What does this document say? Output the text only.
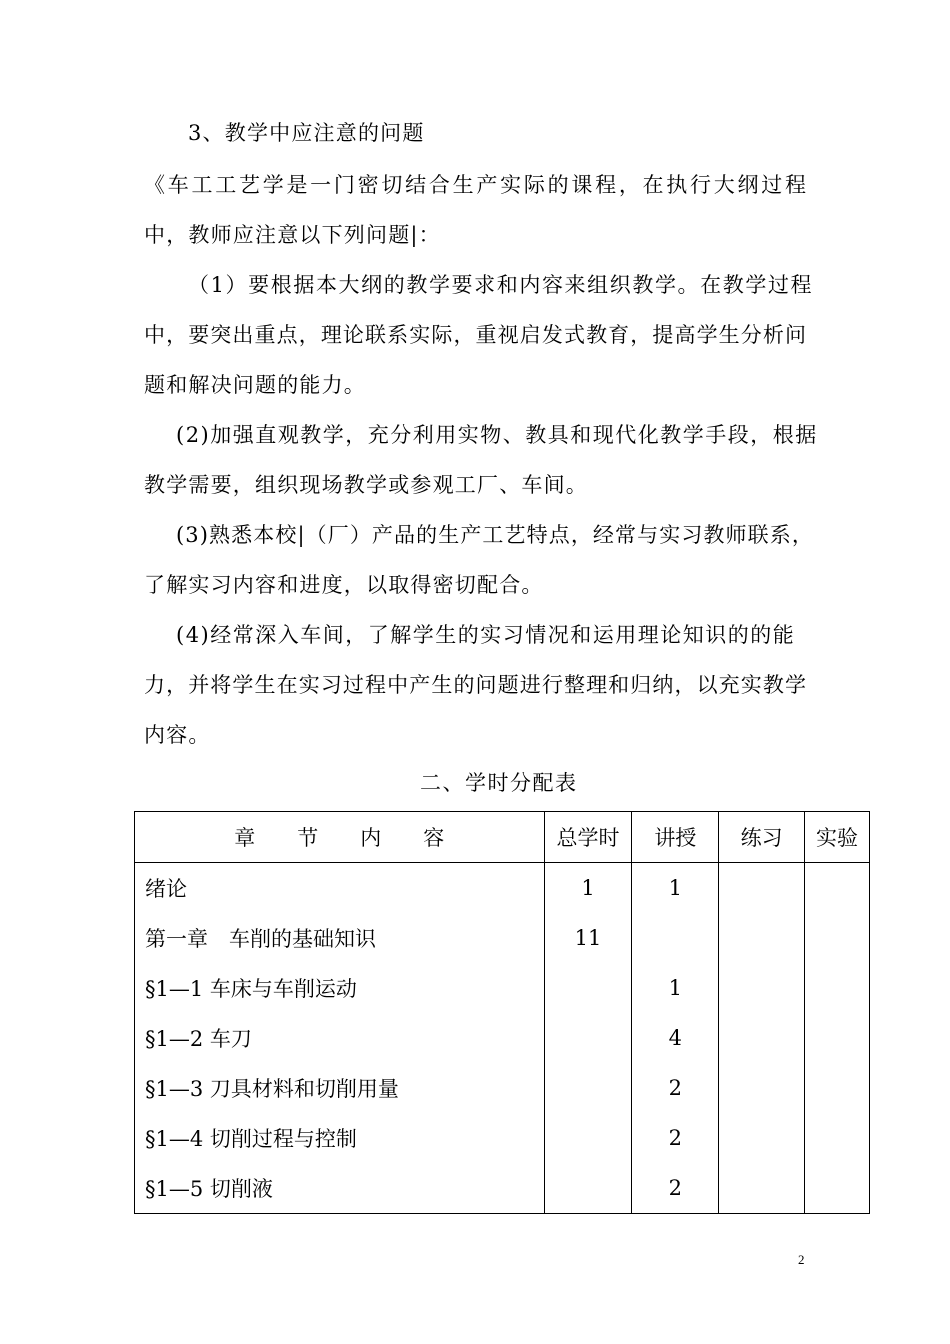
3、教学中应注意的问题
《车工工艺学是一门密切结合生产实际的课程，在执行大纲过程
中，教师应注意以下列问题|：
（1）要根据本大纲的教学要求和内容来组织教学。在教学过程
中，要突出重点，理论联系实际，重视启发式教育，提高学生分析问
题和解决问题的能力。
(2)加强直观教学，充分利用实物、教具和现代化教学手段，根据
教学需要，组织现场教学或参观工厂、车间。
(3)熟悉本校|（厂）产品的生产工艺特点，经常与实习教师联系，
了解实习内容和进度，以取得密切配合。
(4)经常深入车间，了解学生的实习情况和运用理论知识的的能
力，并将学生在实习过程中产生的问题进行整理和归纳，以充实教学
内容。
二、学时分配表
章　　节　　内　　容	总学时	讲授	练习	实验
绪论	1	1		
第一章　车削的基础知识	11			
§1—1 车床与车削运动		1		
§1—2 车刀		4		
§1—3 刀具材料和切削用量		2		
§1—4 切削过程与控制		2		
§1—5 切削液		2		
2
